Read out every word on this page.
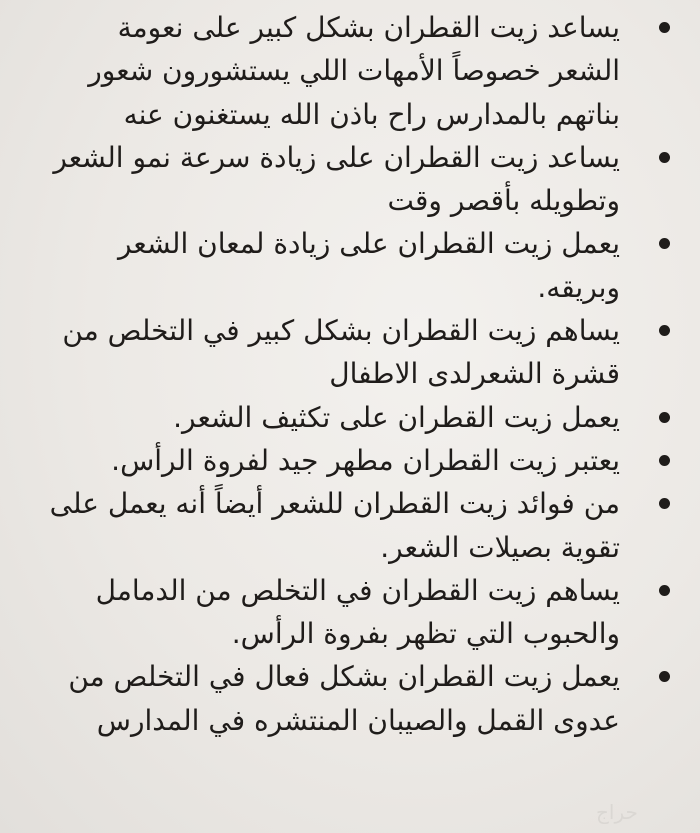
يساعد زيت القطران بشكل كبير على نعومة الشعر خصوصاً الأمهات اللي يستشورون شعور بناتهم بالمدارس راح باذن الله يستغنون عنه
يساعد زيت القطران على زيادة سرعة نمو الشعر وتطويله بأقصر وقت
يعمل زيت القطران على زيادة لمعان الشعر وبريقه.
يساهم زيت القطران بشكل كبير في التخلص من قشرة الشعرلدى الاطفال
يعمل زيت القطران على تكثيف الشعر.
يعتبر زيت القطران مطهر جيد لفروة الرأس.
من فوائد زيت القطران للشعر أيضاً أنه يعمل على تقوية بصيلات الشعر.
يساهم زيت القطران في التخلص من الدمامل والحبوب التي تظهر بفروة الرأس.
يعمل زيت القطران بشكل فعال في التخلص من عدوى القمل والصيبان المنتشره في المدارس
حراج
